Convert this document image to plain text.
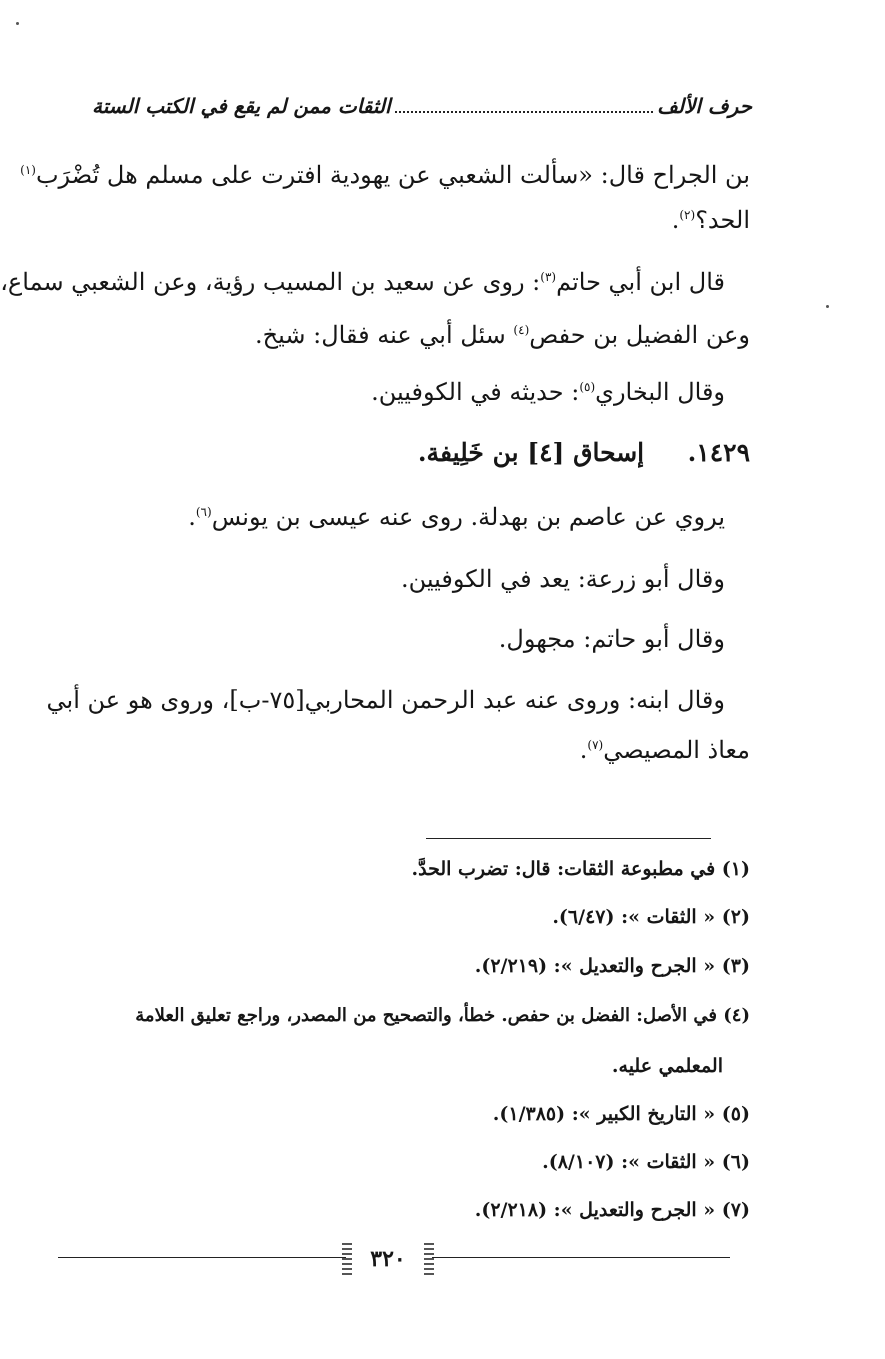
حرف الألف
الثقات ممن لم يقع في الكتب الستة
بن الجراح قال: «سألت الشعبي عن يهودية افترت على مسلم هل تُضْرَب$^{(١)}$
الحد؟$^{(٢)}$.
قال ابن أبي حاتم$^{(٣)}$: روى عن سعيد بن المسيب رؤية، وعن الشعبي سماع،
وعن الفضيل بن حفص$^{(٤)}$ سئل أبي عنه فقال: شيخ.
وقال البخاري$^{(٥)}$: حديثه في الكوفيين.
١٤٢٩.  إسحاق [٤] بن خَلِيفة.
يروي عن عاصم بن بهدلة. روى عنه عيسى بن يونس$^{(٦)}$.
وقال أبو زرعة: يعد في الكوفيين.
وقال أبو حاتم: مجهول.
وقال ابنه: وروى عنه عبد الرحمن المحاربي[٧٥-ب]، وروى هو عن أبي
معاذ المصيصي$^{(٧)}$.
(١) في مطبوعة الثقات: قال: تضرب الحدَّ.
(٢) « الثقات »: (٦/٤٧).
(٣) « الجرح والتعديل »: (٢/٢١٩).
(٤) في الأصل: الفضل بن حفص. خطأ، والتصحيح من المصدر، وراجع تعليق العلامة
المعلمي عليه.
(٥) « التاريخ الكبير »: (١/٣٨٥).
(٦) « الثقات »: (٨/١٠٧).
(٧) « الجرح والتعديل »: (٢/٢١٨).
٣٢٠
